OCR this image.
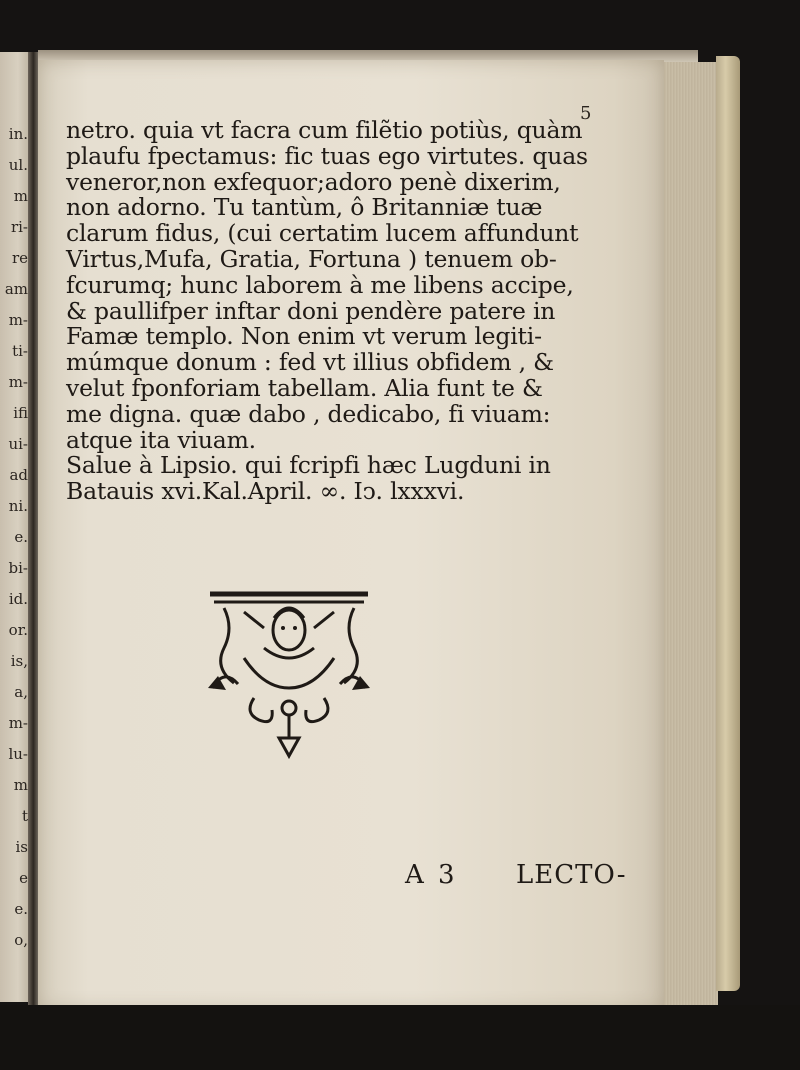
in.
ul.
m
ri-
re
am
m-
ti-
m-
ifi
ui-
ad
ni.
e.
bi-
id.
or.
is,
a,
m-
lu-
m
t
is
e
e.
o,
5
netro. quia vt facra cum filẽtio potiùs, quàm
plaufu fpectamus: fic tuas ego virtutes. quas
veneror,non exfequor;adoro penè dixerim,
non adorno. Tu tantùm, ô Britanniæ tuæ
clarum fidus, (cui certatim lucem affundunt
Virtus,Mufa, Gratia, Fortuna ) tenuem ob-
fcurumq; hunc laborem à me libens accipe,
& paullifper inftar doni pendère patere in
Famæ templo. Non enim vt verum legiti-
múmque donum : fed vt illius obfidem , &
velut fponforiam tabellam. Alia funt te &
me digna. quæ dabo , dedicabo, fi viuam:
atque ita viuam.
Salue à Lipsio. qui fcripfi hæc Lugduni in
Batauis xvi.Kal.April. ∞. Iↄ. lxxxvi.
A 3 LECTO-
